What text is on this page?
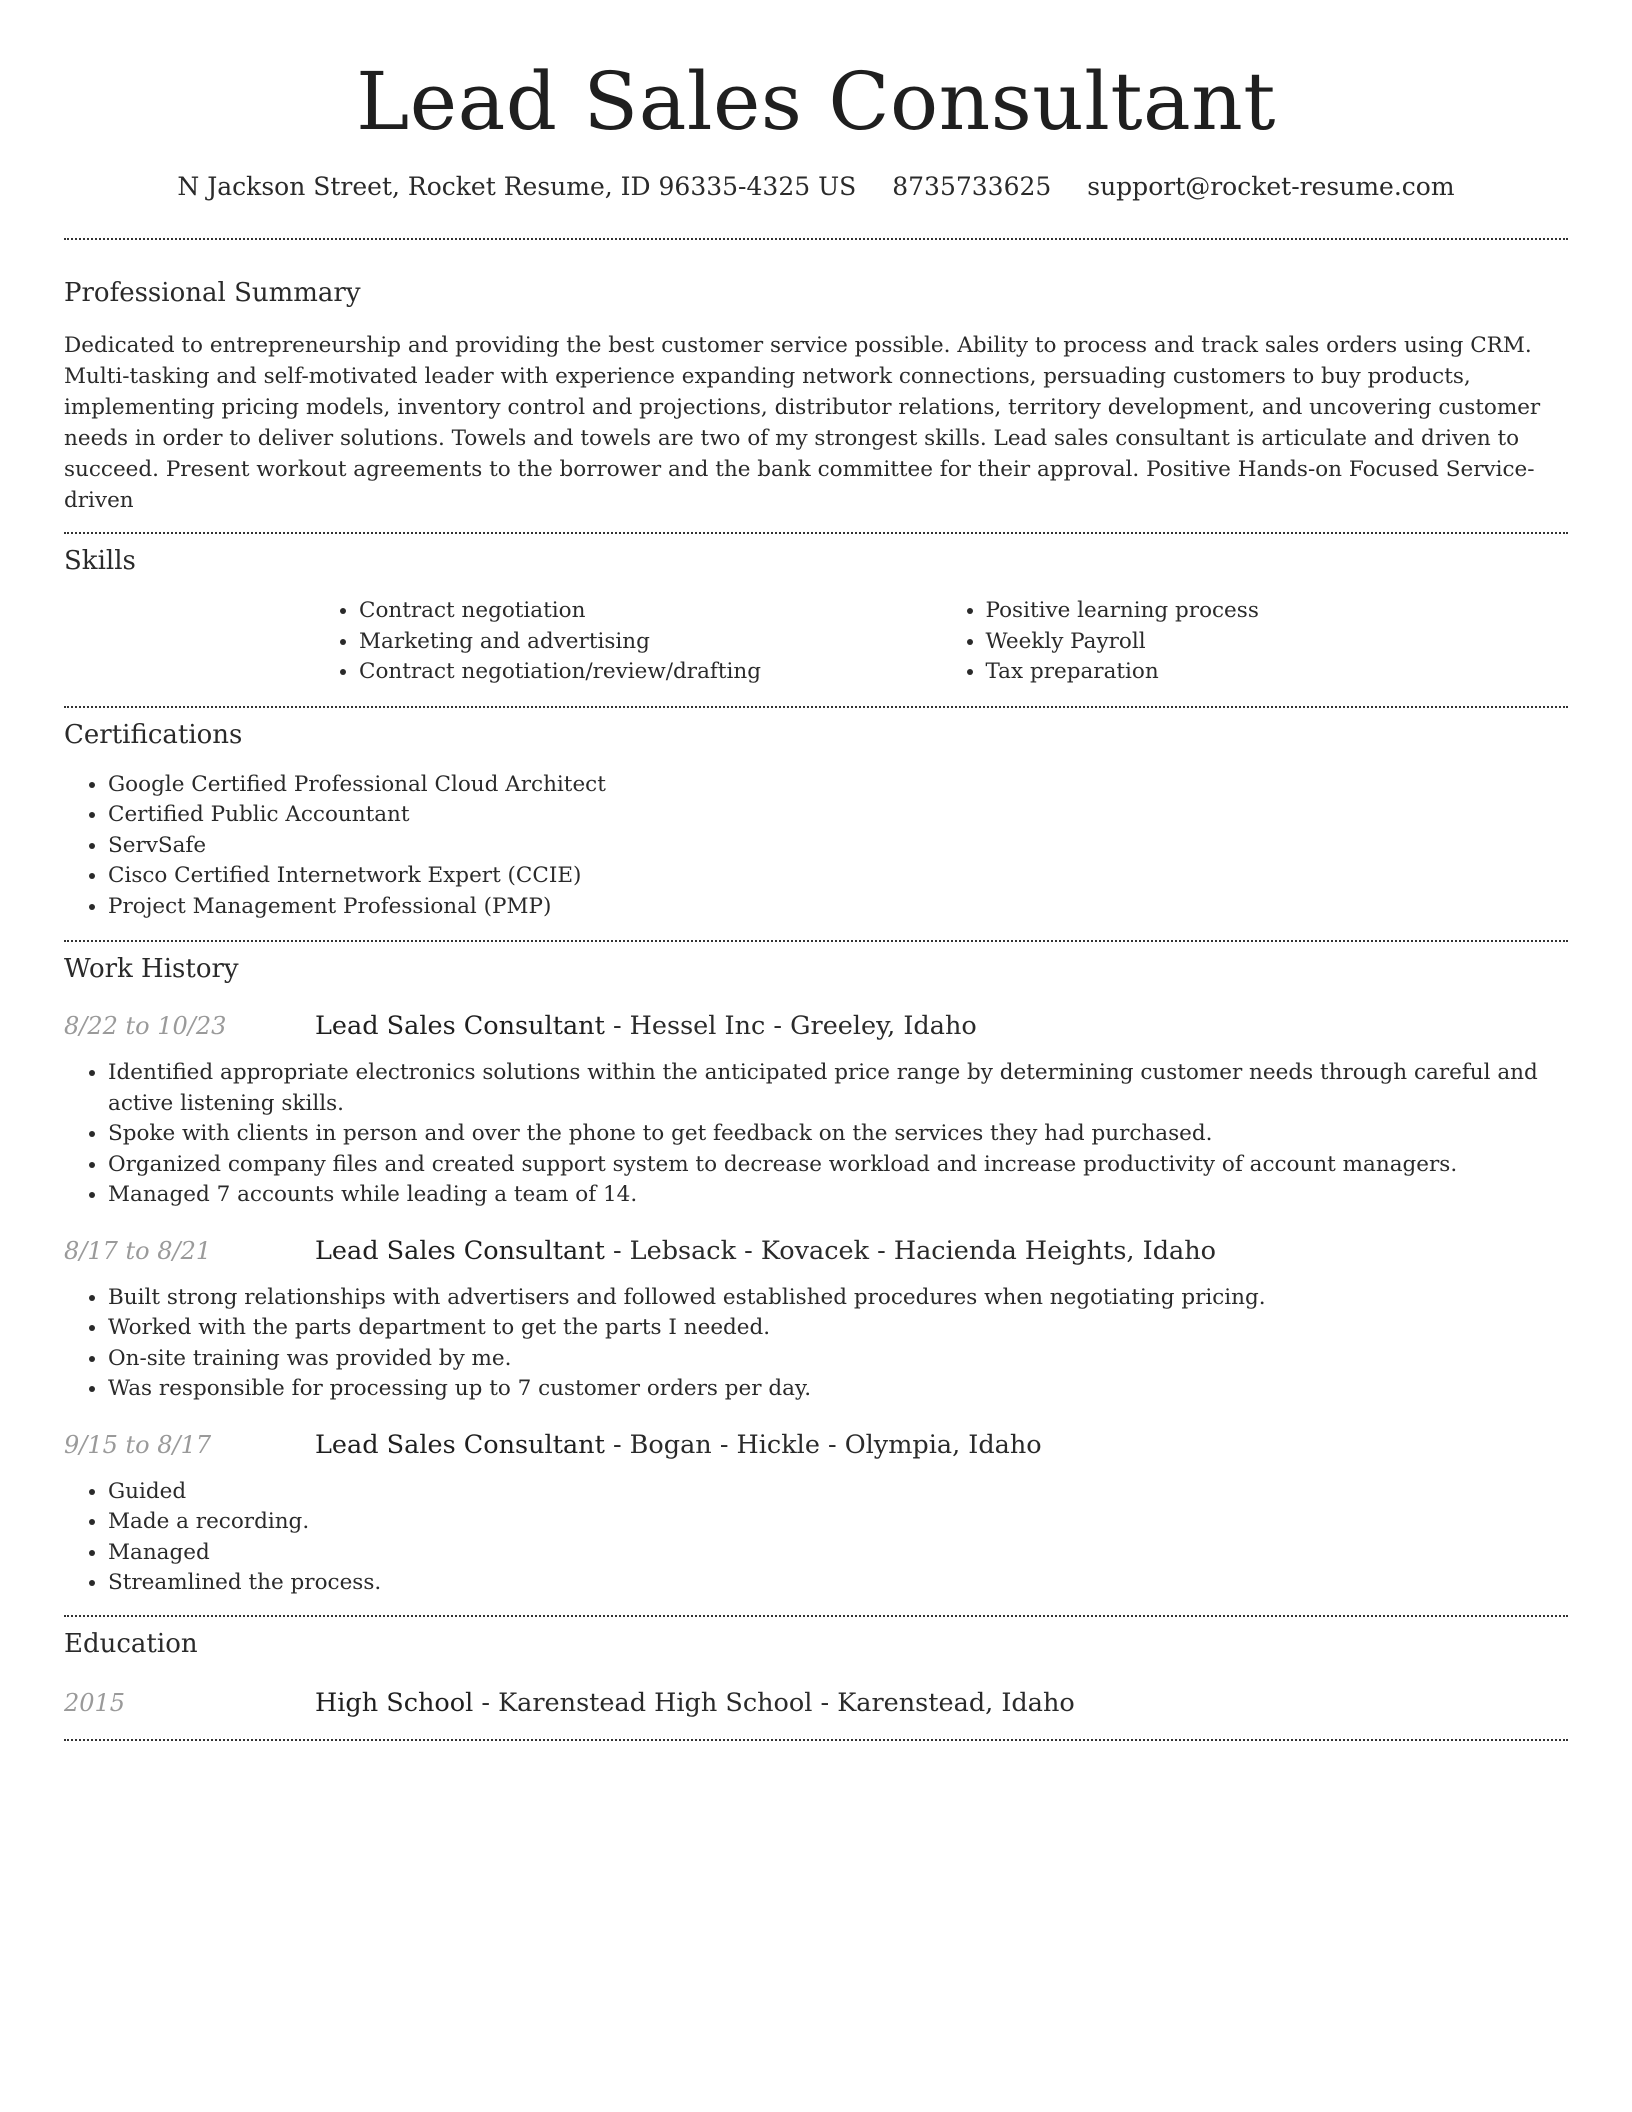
Lead Sales Consultant
N Jackson Street, Rocket Resume, ID 96335-4325 US 8735733625 support@rocket-resume.com
Professional Summary

Dedicated to entrepreneurship and providing the best customer service possible. Ability to process and track sales orders using CRM. Multi-tasking and self-motivated leader with experience expanding network connections, persuading customers to buy products, implementing pricing models, inventory control and projections, distributor relations, territory development, and uncovering customer needs in order to deliver solutions. Towels and towels are two of my strongest skills. Lead sales consultant is articulate and driven to succeed. Present workout agreements to the borrower and the bank committee for their approval. Positive Hands-on Focused Service-driven

Skills
• Contract negotiation
• Marketing and advertising
• Contract negotiation/review/drafting
• Positive learning process
• Weekly Payroll
• Tax preparation
Certifications
• Google Certified Professional Cloud Architect
• Certified Public Accountant
• ServSafe
• Cisco Certified Internetwork Expert (CCIE)
• Project Management Professional (PMP)
Work History
8/22 to 10/23	Lead Sales Consultant - Hessel Inc - Greeley, Idaho
• Identified appropriate electronics solutions within the anticipated price range by determining customer needs through careful and active listening skills.
• Spoke with clients in person and over the phone to get feedback on the services they had purchased.
• Organized company files and created support system to decrease workload and increase productivity of account managers.
• Managed 7 accounts while leading a team of 14.
8/17 to 8/21	Lead Sales Consultant - Lebsack - Kovacek - Hacienda Heights, Idaho
• Built strong relationships with advertisers and followed established procedures when negotiating pricing.
• Worked with the parts department to get the parts I needed.
• On-site training was provided by me.
• Was responsible for processing up to 7 customer orders per day.
9/15 to 8/17	Lead Sales Consultant - Bogan - Hickle - Olympia, Idaho
• Guided
• Made a recording.
• Managed
• Streamlined the process.
Education
2015	High School - Karenstead High School - Karenstead, Idaho
